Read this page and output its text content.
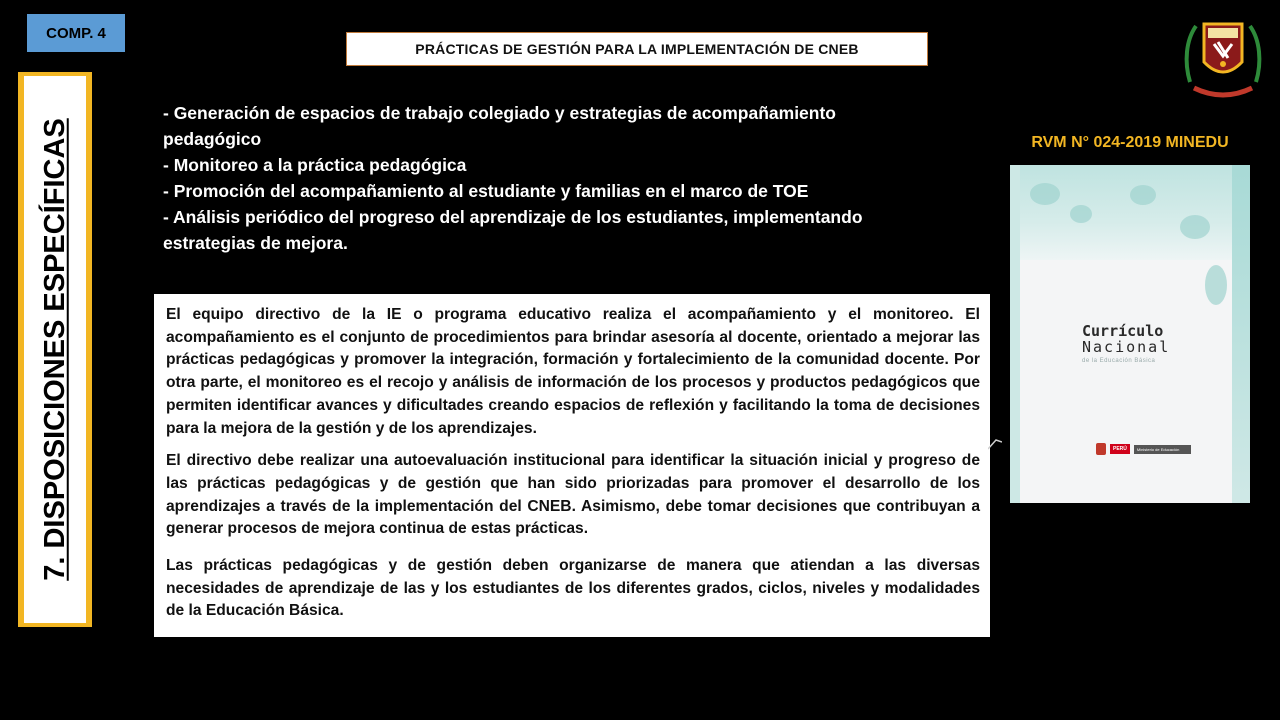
COMP. 4
PRÁCTICAS DE GESTIÓN PARA LA IMPLEMENTACIÓN DE CNEB
7. DISPOSICIONES ESPECÍFICAS
- Generación de espacios de trabajo colegiado y estrategias de acompañamiento
pedagógico
- Monitoreo a la práctica pedagógica
- Promoción del acompañamiento al estudiante y familias en el marco de TOE
- Análisis periódico del progreso del aprendizaje de los estudiantes, implementando
estrategias de mejora.

El equipo directivo de la IE o programa educativo realiza el acompañamiento y el monitoreo. El acompañamiento es el conjunto de procedimientos para brindar asesoría al docente, orientado a mejorar las prácticas pedagógicas y promover la integración, formación y fortalecimiento de la comunidad docente. Por otra parte, el monitoreo es el recojo y análisis de información de los procesos y productos pedagógicos que permiten identificar avances y dificultades creando espacios de reflexión y facilitando la toma de decisiones para la mejora de la gestión y de los aprendizajes.

El directivo debe realizar una autoevaluación institucional para identificar la situación inicial y progreso de las prácticas pedagógicas y de gestión que han sido priorizadas para promover el desarrollo de los aprendizajes a través de la implementación del CNEB. Asimismo, debe tomar decisiones que contribuyan a generar procesos de mejora continua de estas prácticas.

Las prácticas pedagógicas y de gestión deben organizarse de manera que atiendan a las diversas necesidades de aprendizaje de las y los estudiantes de los diferentes grados, ciclos, niveles y modalidades de la Educación Básica.

RVM N° 024-2019 MINEDU
Currículo
Nacional
de la Educación Básica
PERÚ	Ministerio de Educación
